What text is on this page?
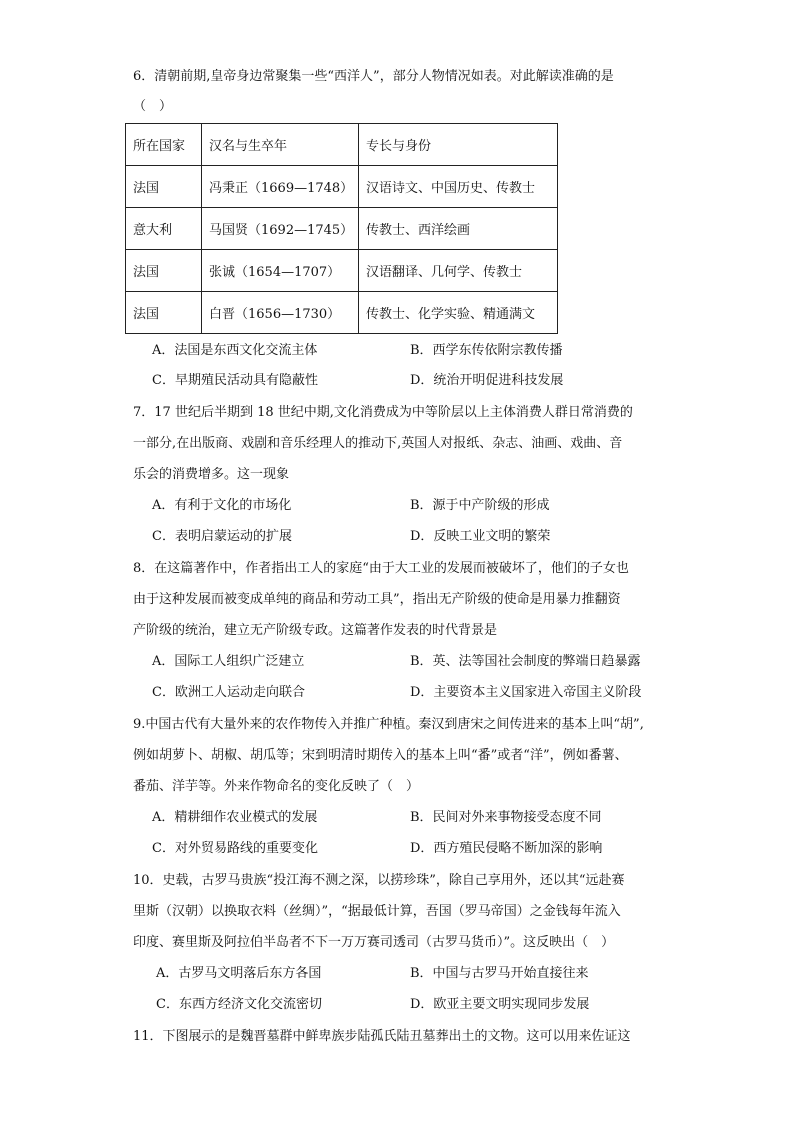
6．清朝前期,皇帝身边常聚集一些“西洋人”，部分人物情况如表。对此解读准确的是
（　）
所在国家	汉名与生卒年	专长与身份
法国	冯秉正（1669—1748）	汉语诗文、中国历史、传教士
意大利	马国贤（1692—1745）	传教士、西洋绘画
法国	张诚（1654—1707）	汉语翻译、几何学、传教士
法国	白晋（1656—1730）	传教士、化学实验、精通满文
A．法国是东西文化交流主体	B．西学东传依附宗教传播
C．早期殖民活动具有隐蔽性	D．统治开明促进科技发展
7．17 世纪后半期到 18 世纪中期,文化消费成为中等阶层以上主体消费人群日常消费的
一部分,在出版商、戏剧和音乐经理人的推动下,英国人对报纸、杂志、油画、戏曲、音
乐会的消费增多。这一现象
A．有利于文化的市场化	B．源于中产阶级的形成
C．表明启蒙运动的扩展	D．反映工业文明的繁荣
8．在这篇著作中，作者指出工人的家庭“由于大工业的发展而被破坏了，他们的子女也
由于这种发展而被变成单纯的商品和劳动工具”，指出无产阶级的使命是用暴力推翻资
产阶级的统治，建立无产阶级专政。这篇著作发表的时代背景是
A．国际工人组织广泛建立	B．英、法等国社会制度的弊端日趋暴露
C．欧洲工人运动走向联合	D．主要资本主义国家进入帝国主义阶段
9.中国古代有大量外来的农作物传入并推广种植。秦汉到唐宋之间传进来的基本上叫“胡”,
例如胡萝卜、胡椒、胡瓜等；宋到明清时期传入的基本上叫“番”或者“洋”，例如番薯、
番茄、洋芋等。外来作物命名的变化反映了（　）
A．精耕细作农业模式的发展	B．民间对外来事物接受态度不同
C．对外贸易路线的重要变化	D．西方殖民侵略不断加深的影响
10．史载，古罗马贵族“投江海不测之深，以捞珍珠”，除自己享用外，还以其“远赴赛
里斯（汉朝）以换取衣料（丝绸）”，“据最低计算，吾国（罗马帝国）之金钱每年流入
印度、赛里斯及阿拉伯半岛者不下一万万赛司透司（古罗马货币）”。这反映出（　）
A．古罗马文明落后东方各国	B．中国与古罗马开始直接往来
C．东西方经济文化交流密切	D．欧亚主要文明实现同步发展
11．下图展示的是魏晋墓群中鲜卑族步陆孤氏陆丑墓葬出土的文物。这可以用来佐证这
